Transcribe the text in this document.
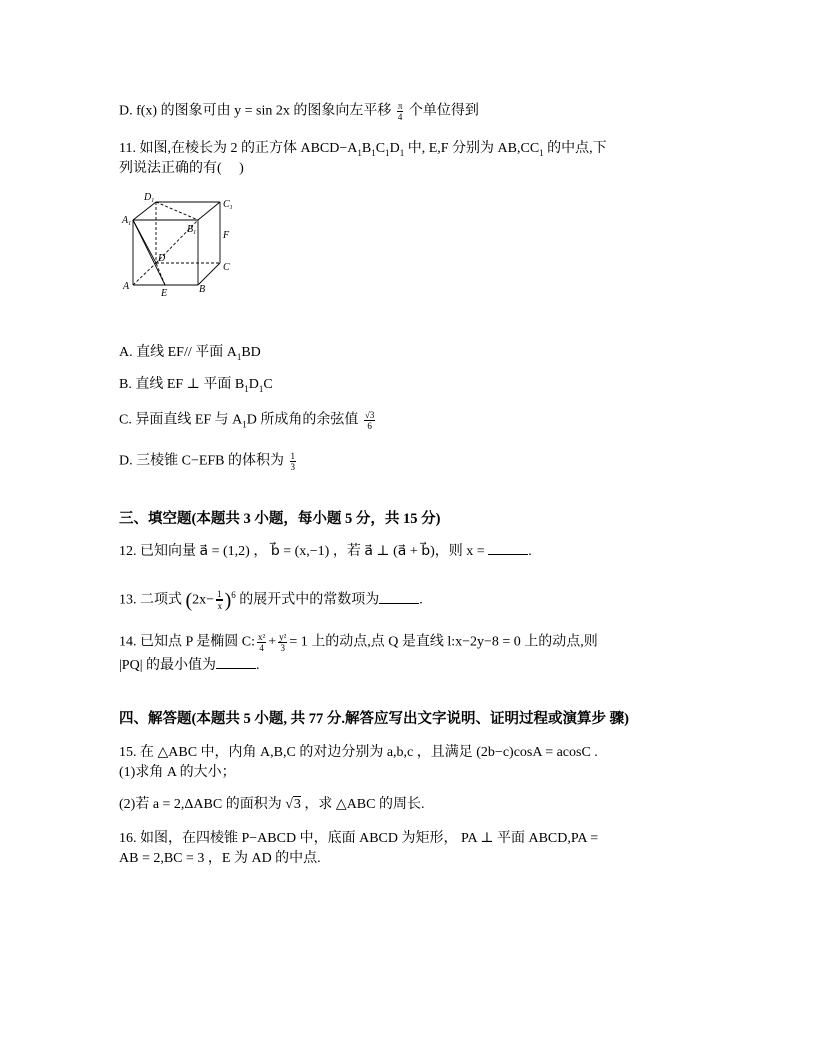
D. f(x) 的图象可由 y = sin 2x 的图象向左平移 $\frac{\pi}{4}$ 个单位得到
11. 如图,在棱长为 2 的正方体 $ABCD-A_1B_1C_1D_1$ 中, E,F 分别为 $AB,CC_1$ 的中点,下
列说法正确的有(　 )
$D_1$	$C_1$
$A_1$	$B_1$	F
D
C
A
E	B
A. 直线 EF// 平面 $A_1BD$
B. 直线 EF ⊥ 平面 $B_1D_1C$
C. 异面直线 EF 与 $A_1D$ 所成角的余弦值 $\frac{√3}{6}$
D. 三棱锥 C−EFB 的体积为 $\frac{1}{3}$
三、填空题(本题共 3 小题，每小题 5 分，共 15 分)
12. 已知向量 a⃗ = (1,2) ， b⃗ = (x,−1) ，若 a⃗ ⊥ (a⃗ + b⃗)，则 x =	.
13. 二项式 $(2x- \frac{1}{x} )^6$ 的展开式中的常数项为	.
14. 已知点 P 是椭圆 C: $\frac{\text{x²}}{4} + \frac{\text{y²}}{3} = 1$ 上的动点,点 Q 是直线 l:x−2y−8 = 0 上的动点,则
|PQ| 的最小值为	.
四、解答题(本题共 5 小题, 共 77 分.解答应写出文字说明、证明过程或演算步 骤)
15. 在 △ABC 中，内角 A,B,C 的对边分别为 a,b,c ，且满足 (2b−c)cosA = acosC .
(1)求角 A 的大小；
(2)若 a = 2,ΔABC 的面积为 √3 ，求 △ABC 的周长.
16. 如图，在四棱锥 P−ABCD 中，底面 ABCD 为矩形， PA ⊥ 平面 ABCD,PA =
AB = 2,BC = 3 ，E 为 AD 的中点.
